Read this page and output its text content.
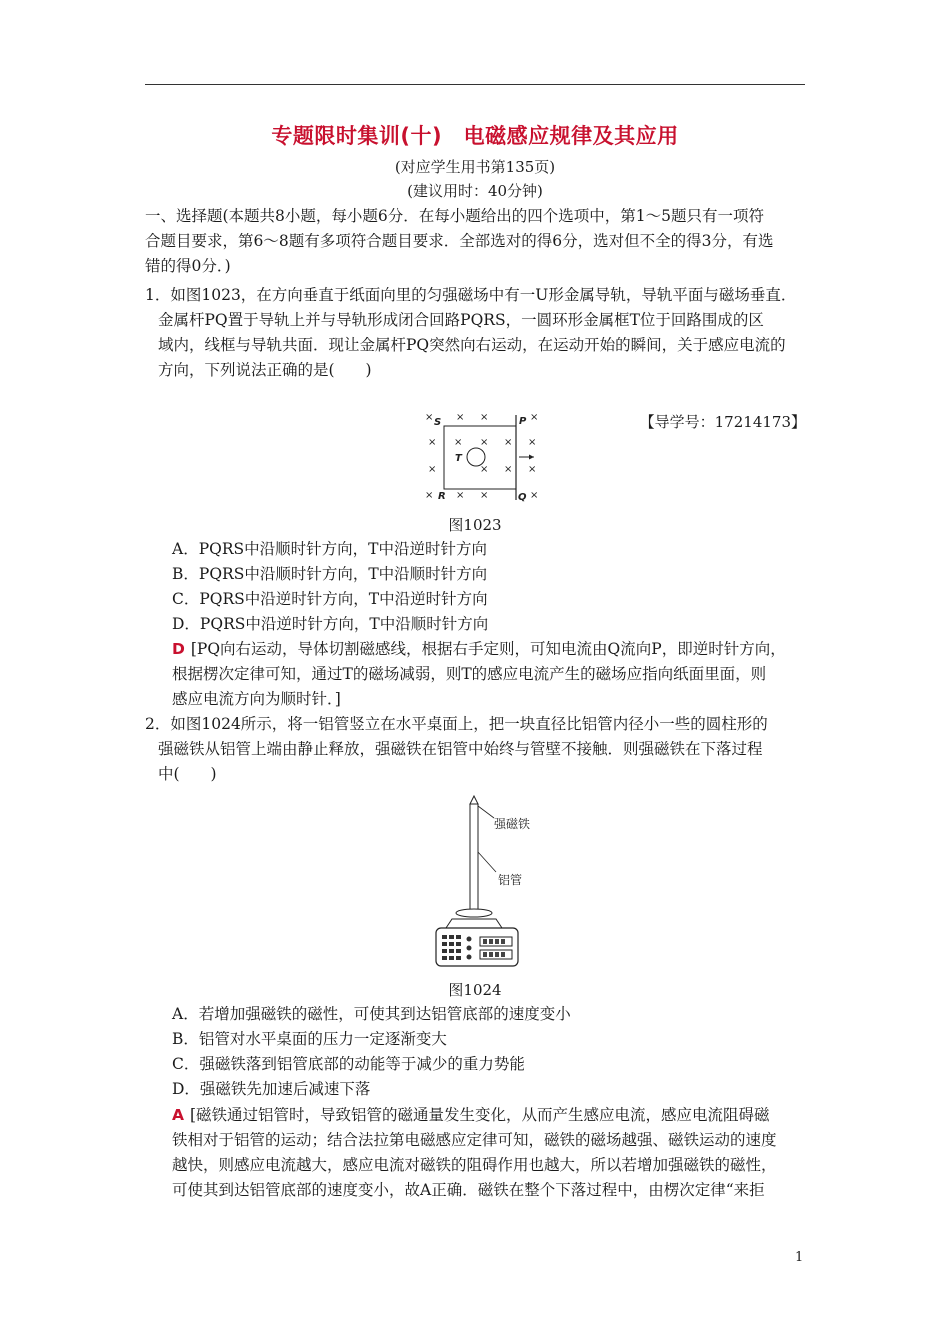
专题限时集训(十)　电磁感应规律及其应用
(对应学生用书第135页)
(建议用时：40分钟)
一、选择题(本题共8小题，每小题6分．在每小题给出的四个选项中，第1～5题只有一项符
合题目要求，第6～8题有多项符合题目要求．全部选对的得6分，选对但不全的得3分，有选
错的得0分．)
1．如图1023，在方向垂直于纸面向里的匀强磁场中有一U形金属导轨，导轨平面与磁场垂直．
金属杆PQ置于导轨上并与导轨形成闭合回路PQRS，一圆环形金属框T位于回路围成的区
域内，线框与导轨共面．现让金属杆PQ突然向右运动，在运动开始的瞬间，关于感应电流的
方向，下列说法正确的是(　　)
【导学号：17214173】
× × ×	×
× × × × ×
×	× × ×
× × ×	×
S	P
R	Q
T
图1023
A．PQRS中沿顺时针方向，T中沿逆时针方向
B．PQRS中沿顺时针方向，T中沿顺时针方向
C．PQRS中沿逆时针方向，T中沿逆时针方向
D．PQRS中沿逆时针方向，T中沿顺时针方向
D [PQ向右运动，导体切割磁感线，根据右手定则，可知电流由Q流向P，即逆时针方向，
根据楞次定律可知，通过T的磁场减弱，则T的感应电流产生的磁场应指向纸面里面，则
感应电流方向为顺时针．]
2．如图1024所示，将一铝管竖立在水平桌面上，把一块直径比铝管内径小一些的圆柱形的
强磁铁从铝管上端由静止释放，强磁铁在铝管中始终与管壁不接触．则强磁铁在下落过程
中(　　)
强磁铁
铝管
图1024
A．若增加强磁铁的磁性，可使其到达铝管底部的速度变小
B．铝管对水平桌面的压力一定逐渐变大
C．强磁铁落到铝管底部的动能等于减少的重力势能
D．强磁铁先加速后减速下落
A [磁铁通过铝管时，导致铝管的磁通量发生变化，从而产生感应电流，感应电流阻碍磁
铁相对于铝管的运动；结合法拉第电磁感应定律可知，磁铁的磁场越强、磁铁运动的速度
越快，则感应电流越大，感应电流对磁铁的阻碍作用也越大，所以若增加强磁铁的磁性，
可使其到达铝管底部的速度变小，故A正确．磁铁在整个下落过程中，由楞次定律“来拒
1
